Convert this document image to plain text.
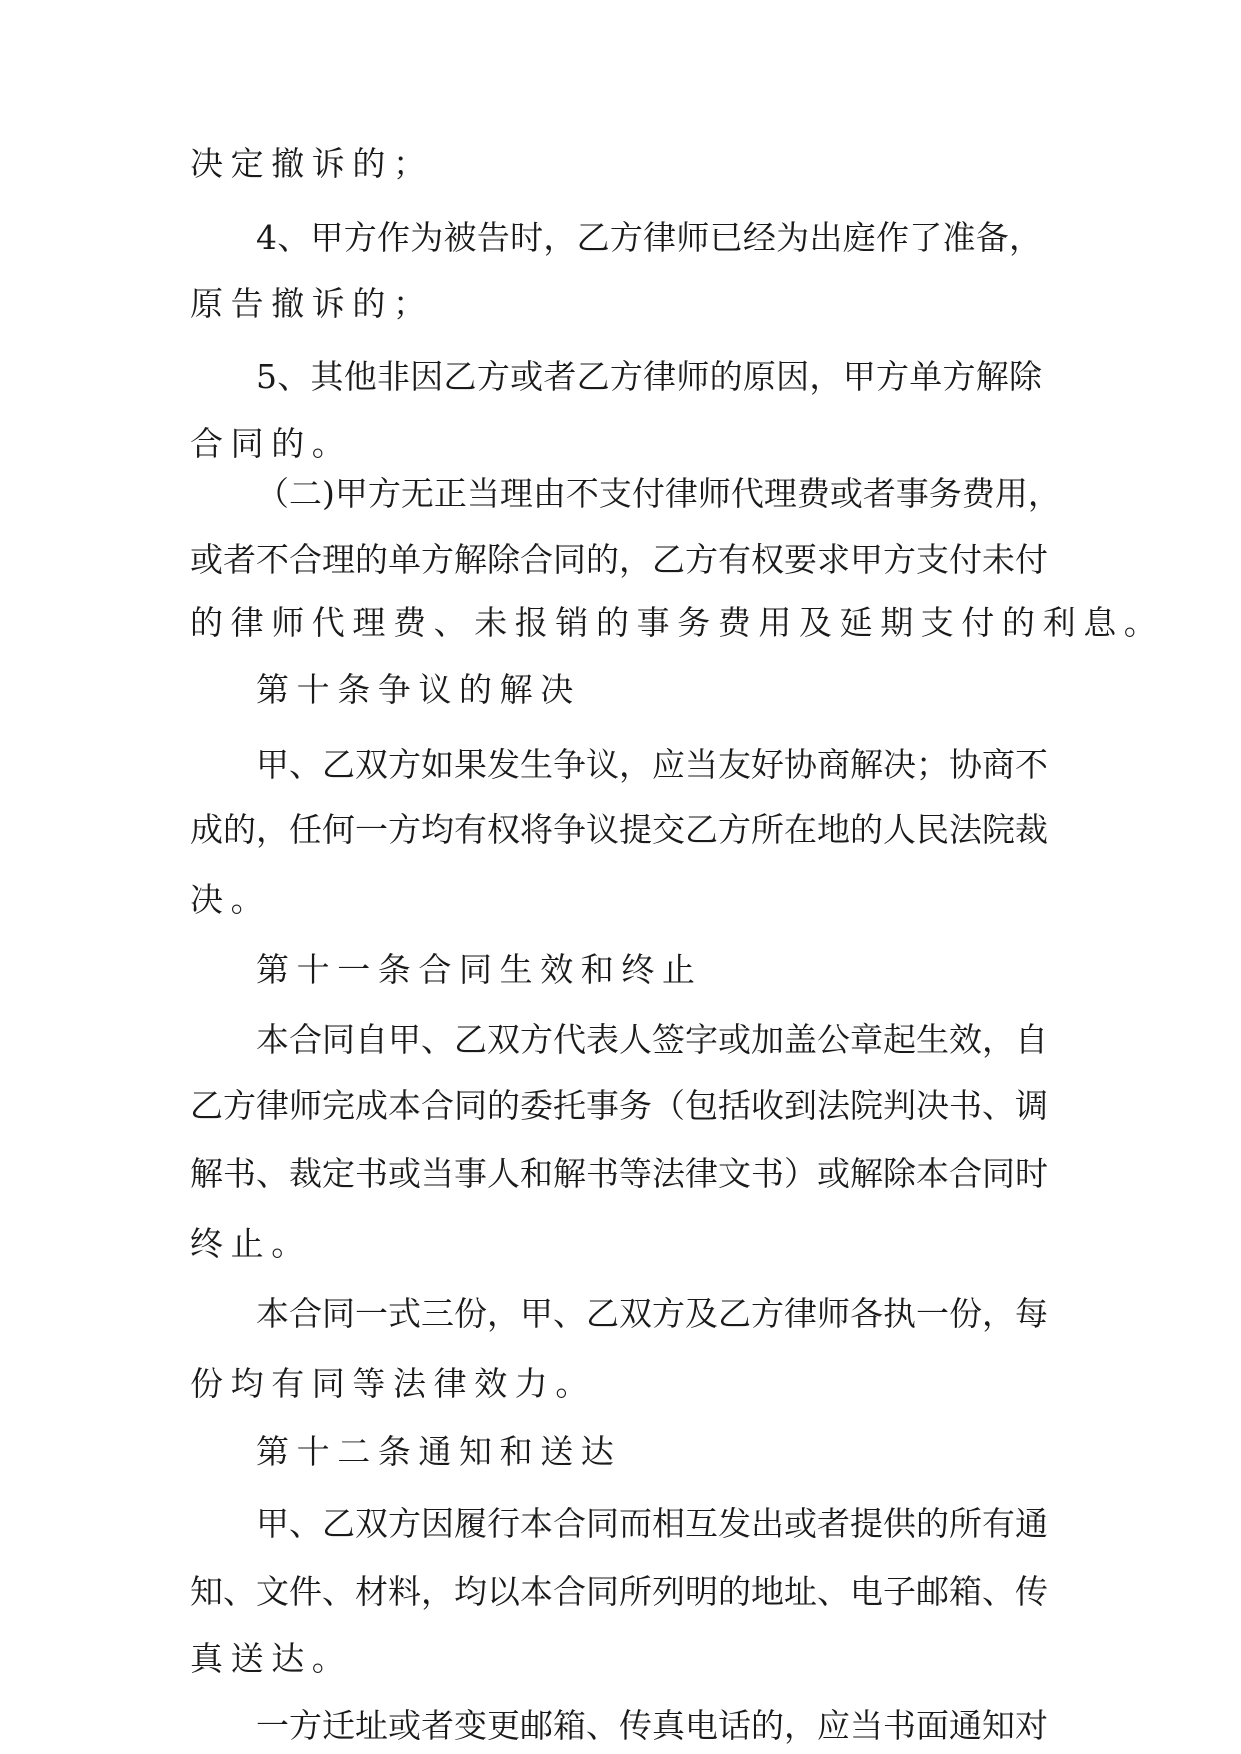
决定撤诉的；
4、甲方作为被告时，乙方律师已经为出庭作了准备，
原告撤诉的；
5、其他非因乙方或者乙方律师的原因，甲方单方解除
合同的。
（二)甲方无正当理由不支付律师代理费或者事务费用，
或者不合理的单方解除合同的，乙方有权要求甲方支付未付
的律师代理费、未报销的事务费用及延期支付的利息。
第十条争议的解决
甲、乙双方如果发生争议，应当友好协商解决；协商不
成的，任何一方均有权将争议提交乙方所在地的人民法院裁
决。
第十一条合同生效和终止
本合同自甲、乙双方代表人签字或加盖公章起生效，自
乙方律师完成本合同的委托事务（包括收到法院判决书、调
解书、裁定书或当事人和解书等法律文书）或解除本合同时
终止。
本合同一式三份，甲、乙双方及乙方律师各执一份，每
份均有同等法律效力。
第十二条通知和送达
甲、乙双方因履行本合同而相互发出或者提供的所有通
知、文件、材料，均以本合同所列明的地址、电子邮箱、传
真送达。
一方迁址或者变更邮箱、传真电话的，应当书面通知对
